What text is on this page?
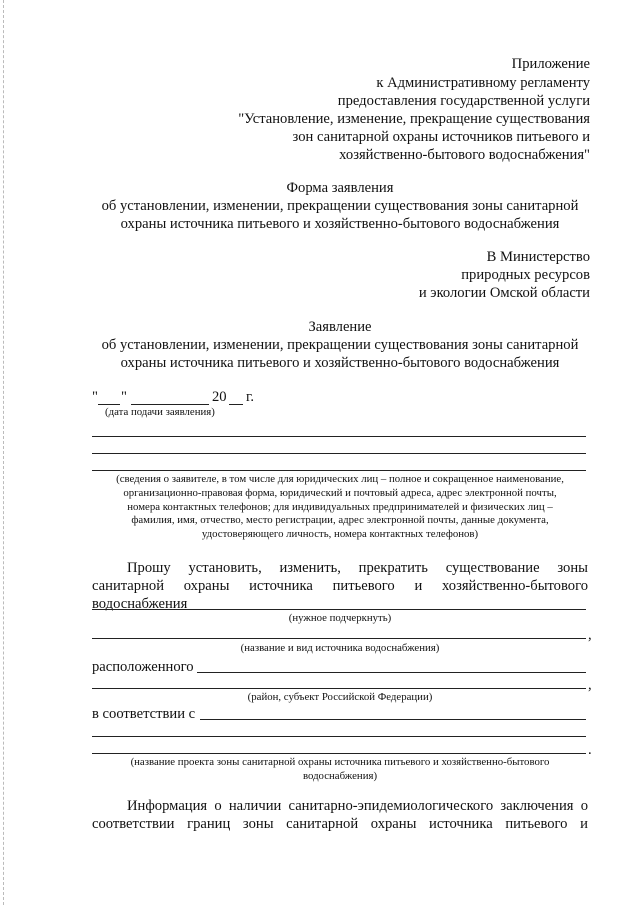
Приложение
к Административному регламенту
предоставления государственной услуги
"Установление, изменение, прекращение существования
зон санитарной охраны источников питьевого и
хозяйственно-бытового водоснабжения"
Форма заявления
об установлении, изменении, прекращении существования зоны санитарной
охраны источника питьевого и хозяйственно-бытового водоснабжения
В Министерство
природных ресурсов
и экологии Омской области
Заявление
об установлении, изменении, прекращении существования зоны санитарной
охраны источника питьевого и хозяйственно-бытового водоснабжения
" "	20 г.
(дата подачи заявления)
(сведения о заявителе, в том числе для юридических лиц – полное и сокращенное наименование,
организационно-правовая форма, юридический и почтовый адреса, адрес электронной почты,
номера контактных телефонов; для индивидуальных предпринимателей и физических лиц –
фамилия, имя, отчество, место регистрации, адрес электронной почты, данные документа,
удостоверяющего личность, номера контактных телефонов)
Прошу установить, изменить, прекратить существование зоны
санитарной охраны источника питьевого и хозяйственно-бытового
водоснабжения
(нужное подчеркнуть)
,
(название и вид источника водоснабжения)
расположенного
,
(район, субъект Российской Федерации)
в соответствии с
.
(название проекта зоны санитарной охраны источника питьевого и хозяйственно-бытового
водоснабжения)
Информация о наличии санитарно-эпидемиологического заключения о
соответствии границ зоны санитарной охраны источника питьевого и
